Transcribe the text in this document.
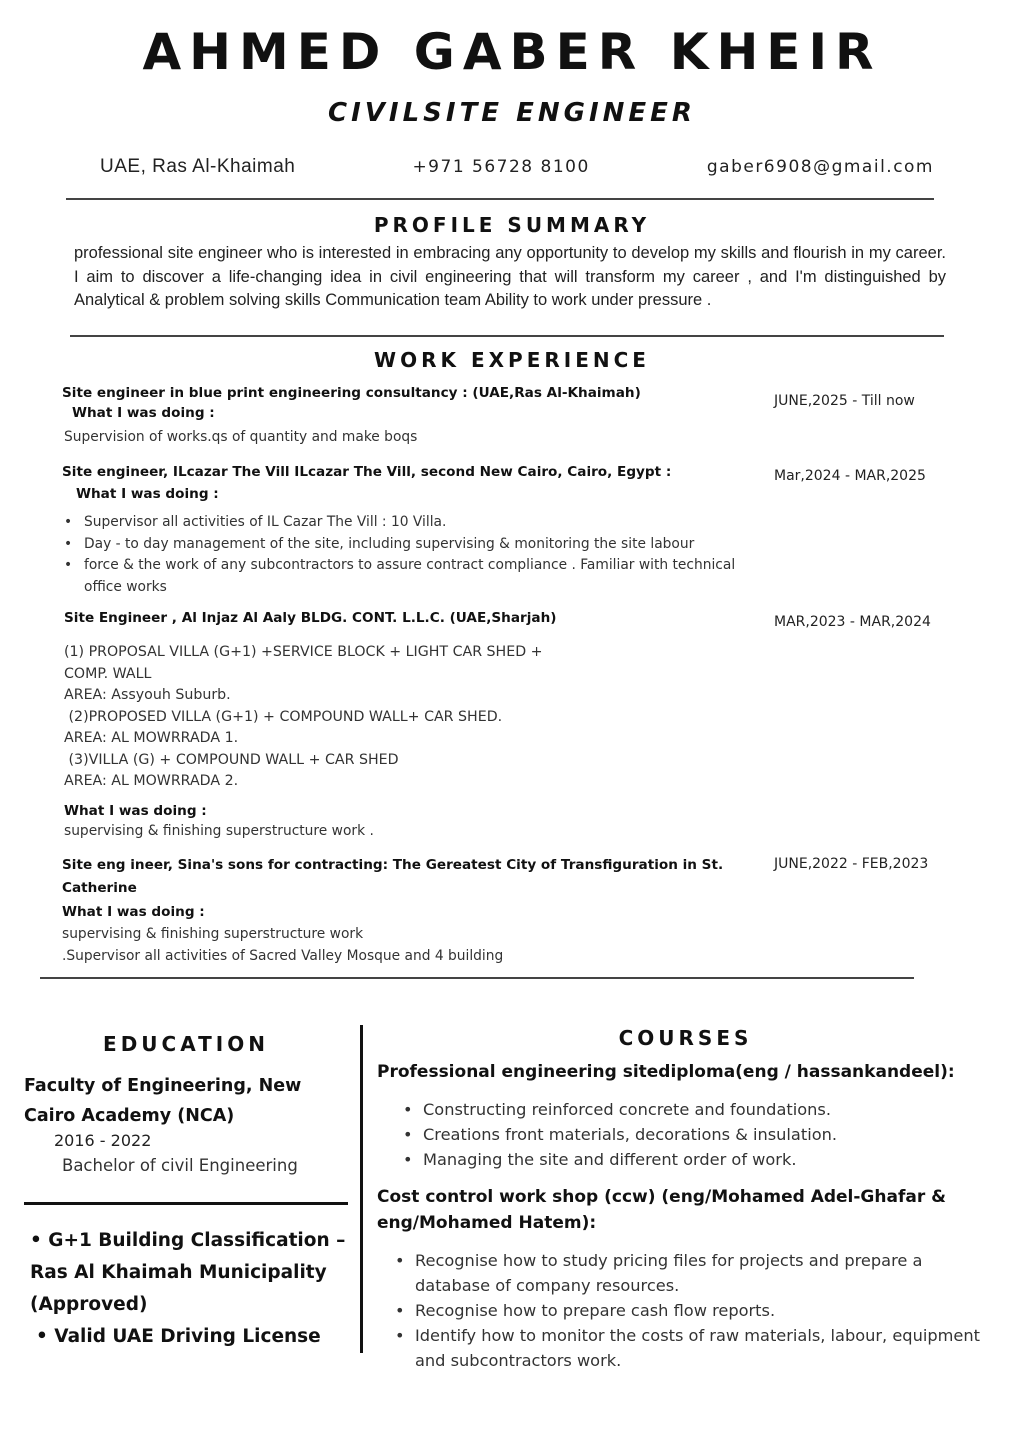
AHMED GABER KHEIR
CIVILSITE ENGINEER
UAE, Ras Al-Khaimah	+971 56728 8100	gaber6908@gmail.com
PROFILE SUMMARY
professional site engineer who is interested in embracing any opportunity to develop my skills and flourish in my career. I aim to discover a life-changing idea in civil engineering that will transform my career , and I'm distinguished by Analytical & problem solving skills Communication team Ability to work under pressure .
WORK EXPERIENCE
Site engineer in blue print engineering consultancy : (UAE,Ras Al-Khaimah)
What I was doing :
Supervision of works.qs of quantity and make boqs
JUNE,2025 - Till now
Site engineer, ILcazar The Vill ILcazar The Vill, second New Cairo, Cairo, Egypt :
What I was doing :
• Supervisor all activities of IL Cazar The Vill : 10 Villa.
• Day - to day management of the site, including supervising & monitoring the site labour
• force & the work of any subcontractors to assure contract compliance . Familiar with technical office works
Mar,2024 - MAR,2025
Site Engineer , Al Injaz Al Aaly BLDG. CONT. L.L.C. (UAE,Sharjah)
(1) PROPOSAL VILLA (G+1) +SERVICE BLOCK + LIGHT CAR SHED +
COMP. WALL
AREA: Assyouh Suburb.
(2)PROPOSED VILLA (G+1) + COMPOUND WALL+ CAR SHED.
AREA: AL MOWRRADA 1.
(3)VILLA (G) + COMPOUND WALL + CAR SHED
AREA: AL MOWRRADA 2.
What I was doing :
supervising & finishing superstructure work .
MAR,2023 - MAR,2024
Site eng ineer, Sina's sons for contracting: The Gereatest City of Transfiguration in St. Catherine
What I was doing :
supervising & finishing superstructure work
.Supervisor all activities of Sacred Valley Mosque and 4 building
JUNE,2022 - FEB,2023
EDUCATION
Faculty of Engineering, New Cairo Academy (NCA)
2016 - 2022
Bachelor of civil Engineering
• G+1 Building Classification – Ras Al Khaimah Municipality (Approved)
• Valid UAE Driving License
COURSES
Professional engineering sitediploma(eng / hassankandeel):
• Constructing reinforced concrete and foundations.
• Creations front materials, decorations & insulation.
• Managing the site and different order of work.
Cost control work shop (ccw) (eng/Mohamed Adel-Ghafar & eng/Mohamed Hatem):
• Recognise how to study pricing files for projects and prepare a database of company resources.
• Recognise how to prepare cash flow reports.
• Identify how to monitor the costs of raw materials, labour, equipment and subcontractors work.
